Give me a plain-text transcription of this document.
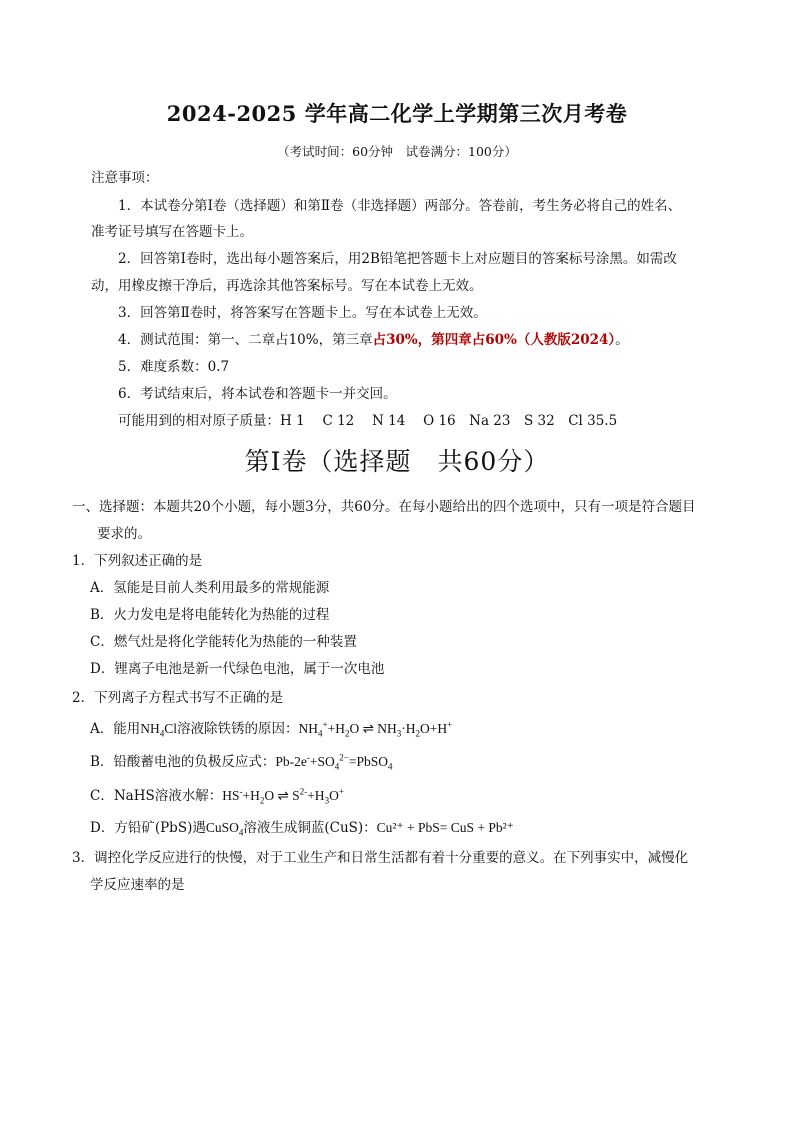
2024-2025 学年高二化学上学期第三次月考卷
（考试时间：60分钟　试卷满分：100分）
注意事项：
1．本试卷分第Ⅰ卷（选择题）和第Ⅱ卷（非选择题）两部分。答卷前，考生务必将自己的姓名、
准考证号填写在答题卡上。
2．回答第Ⅰ卷时，选出每小题答案后，用2B铅笔把答题卡上对应题目的答案标号涂黑。如需改
动，用橡皮擦干净后，再选涂其他答案标号。写在本试卷上无效。
3．回答第Ⅱ卷时，将答案写在答题卡上。写在本试卷上无效。
4．测试范围：第一、二章占10%，第三章占30%，第四章占60%（人教版2024）。
5．难度系数：0.7
6．考试结束后，将本试卷和答题卡一并交回。
可能用到的相对原子质量：H 1　 C 12　 N 14　 O 16　Na 23　S 32　Cl 35.5
第Ⅰ卷（选择题　共60分）
一、选择题：本题共20个小题，每小题3分，共60分。在每小题给出的四个选项中，只有一项是符合题目
要求的。
1．下列叙述正确的是
A．氢能是目前人类利用最多的常规能源
B．火力发电是将电能转化为热能的过程
C．燃气灶是将化学能转化为热能的一种装置
D．锂离子电池是新一代绿色电池，属于一次电池
2．下列离子方程式书写不正确的是
A．能用$NH_4Cl$溶液除铁锈的原因：$NH_4^++H_2O$ ⇌ $NH_3\cdot H_2O+H^+$
B．铅酸蓄电池的负极反应式：$Pb-2e^-+SO_4^{2-}=PbSO_4$
C．NaHS溶液水解：$HS^-+H_2O$ ⇌ $S^{2-}+H_3O^+$
D．方铅矿(PbS)遇CuSO$_4$溶液生成铜蓝(CuS)：Cu²⁺ + PbS= CuS + Pb²⁺
3．调控化学反应进行的快慢，对于工业生产和日常生活都有着十分重要的意义。在下列事实中，减慢化
学反应速率的是
